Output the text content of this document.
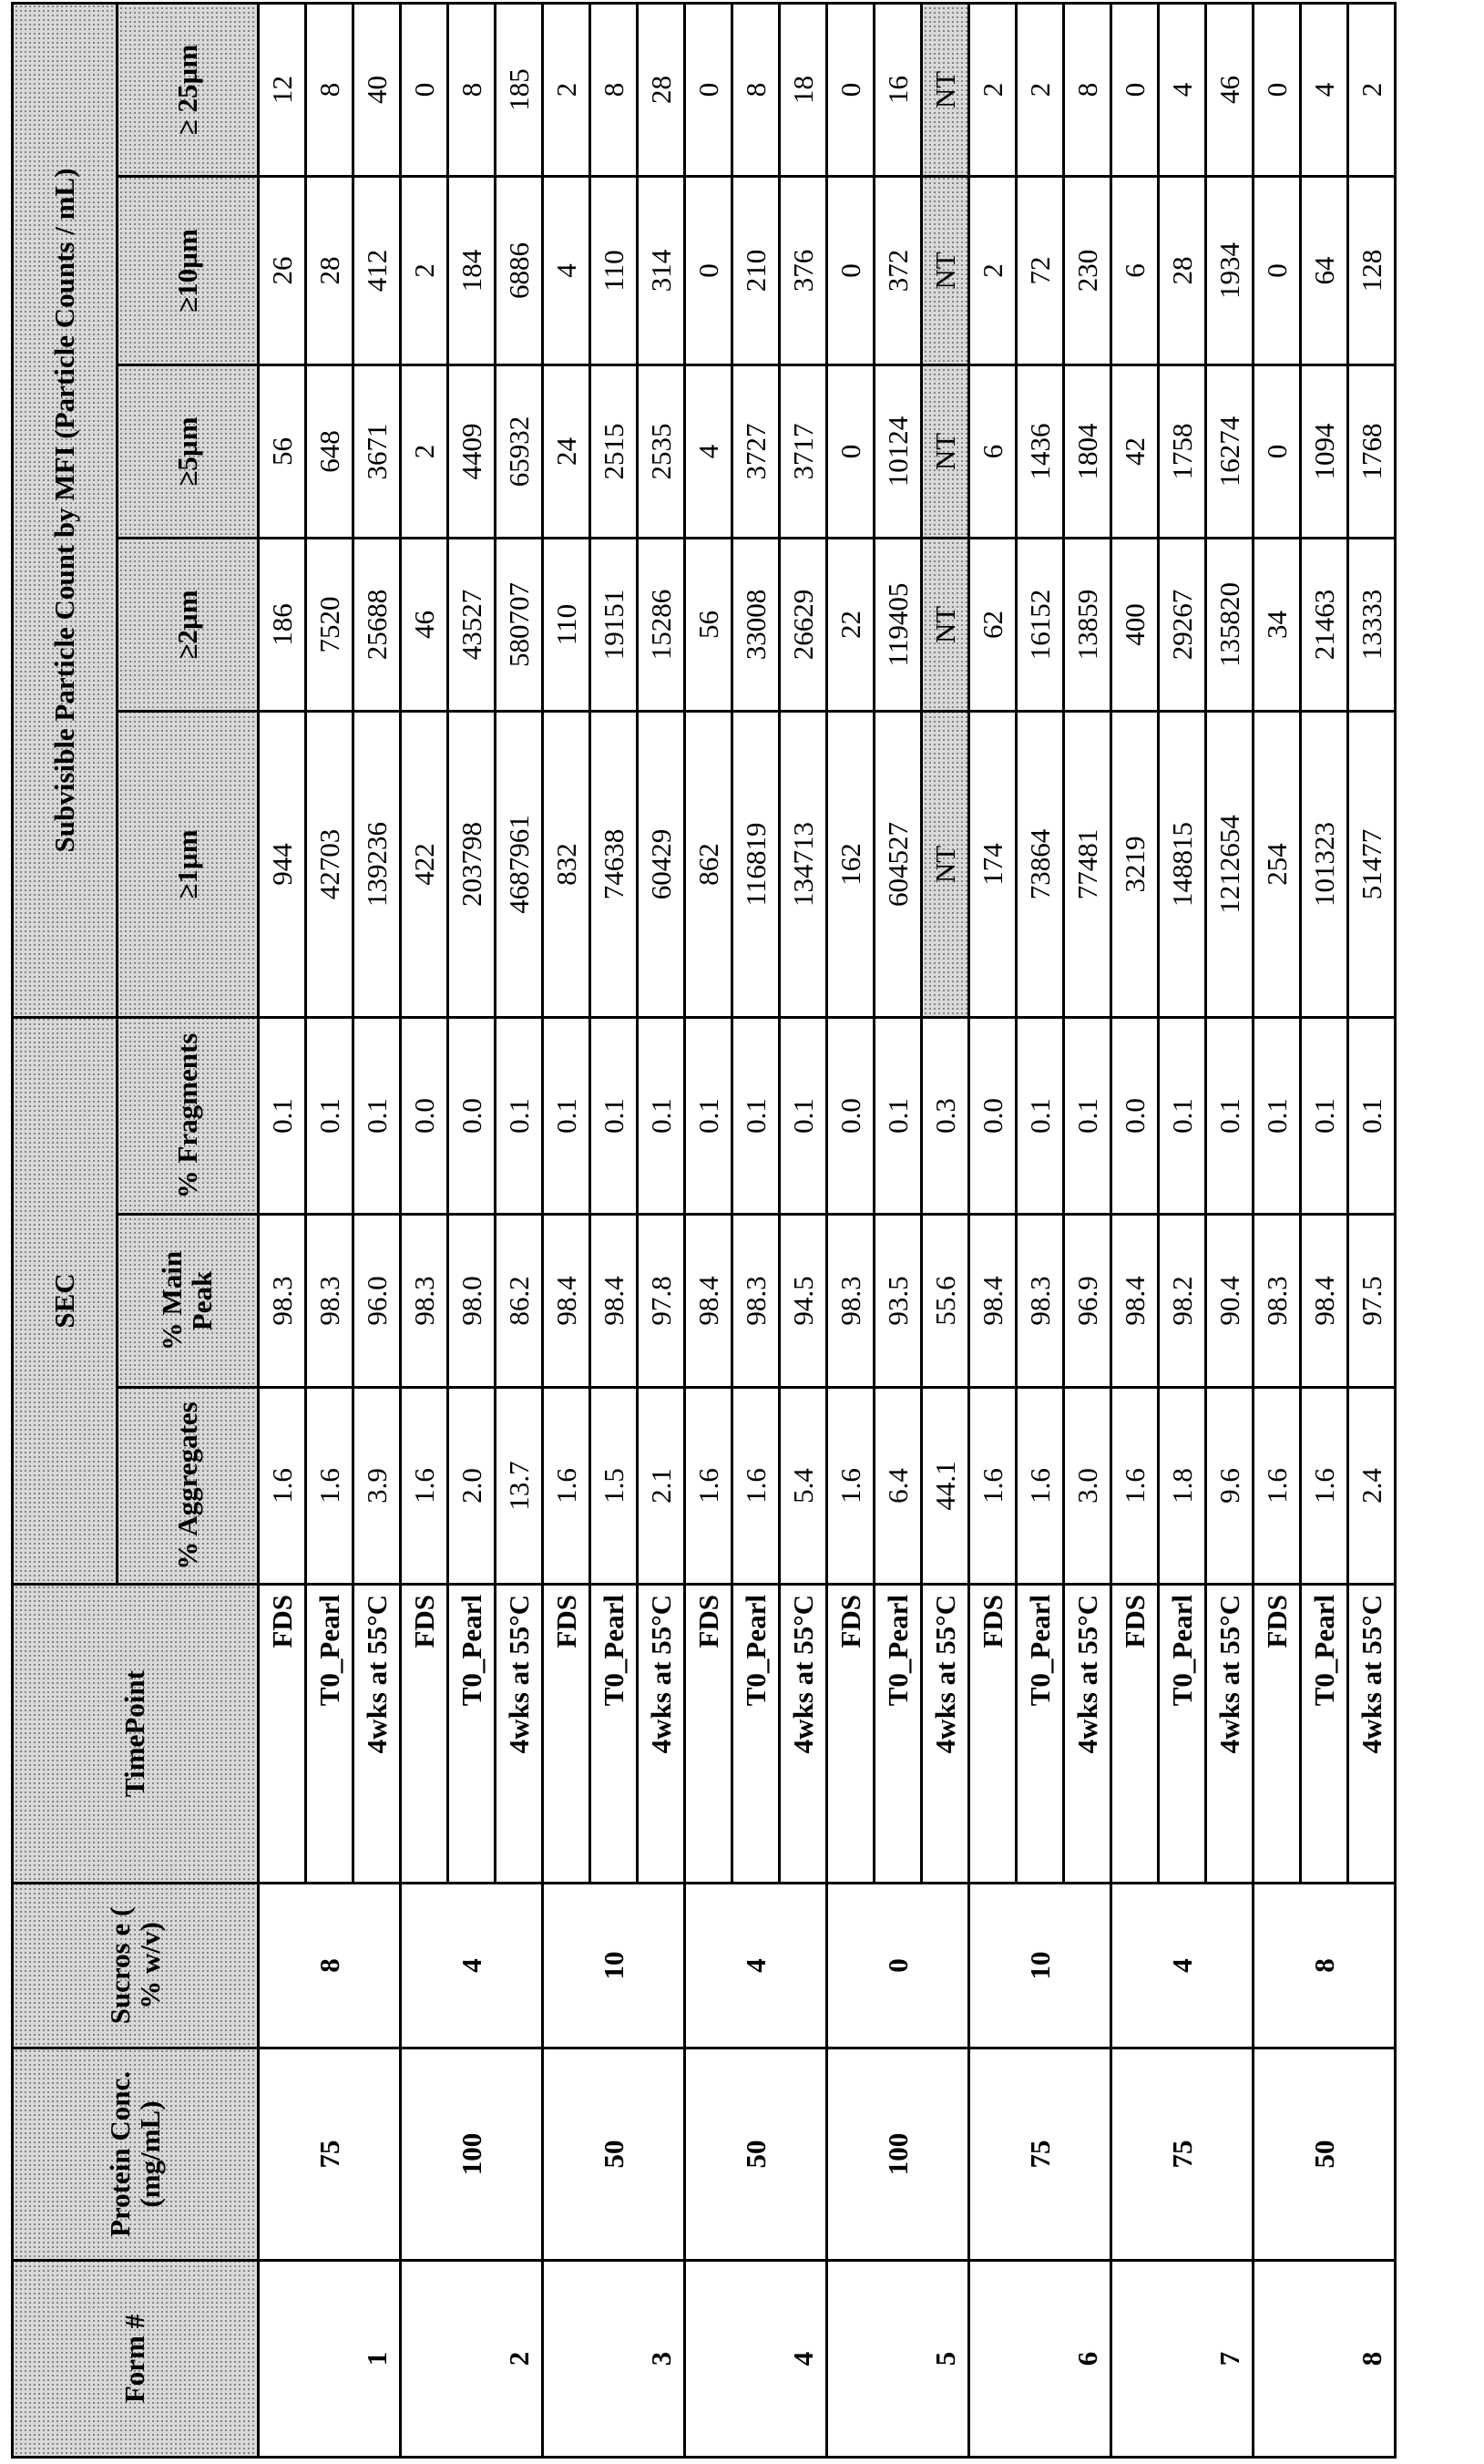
Form #	Protein Conc. (mg/mL)	Sucros e ( % w/v)	TimePoint	SEC	Subvisible Particle Count by MFI (Particle Counts / mL)
% Aggregates	% Main Peak	% Fragments	≥1µm	≥2µm	≥5µm	≥10µm	≥ 25µm
1	75	8	FDS	1.6	98.3	0.1	944	186	56	26	12
T0_Pearl	1.6	98.3	0.1	42703	7520	648	28	8
4wks at 55°C	3.9	96.0	0.1	139236	25688	3671	412	40
2	100	4	FDS	1.6	98.3	0.0	422	46	2	2	0
T0_Pearl	2.0	98.0	0.0	203798	43527	4409	184	8
4wks at 55°C	13.7	86.2	0.1	4687961	580707	65932	6886	185
3	50	10	FDS	1.6	98.4	0.1	832	110	24	4	2
T0_Pearl	1.5	98.4	0.1	74638	19151	2515	110	8
4wks at 55°C	2.1	97.8	0.1	60429	15286	2535	314	28
4	50	4	FDS	1.6	98.4	0.1	862	56	4	0	0
T0_Pearl	1.6	98.3	0.1	116819	33008	3727	210	8
4wks at 55°C	5.4	94.5	0.1	134713	26629	3717	376	18
5	100	0	FDS	1.6	98.3	0.0	162	22	0	0	0
T0_Pearl	6.4	93.5	0.1	604527	119405	10124	372	16
4wks at 55°C	44.1	55.6	0.3	NT	NT	NT	NT	NT
6	75	10	FDS	1.6	98.4	0.0	174	62	6	2	2
T0_Pearl	1.6	98.3	0.1	73864	16152	1436	72	2
4wks at 55°C	3.0	96.9	0.1	77481	13859	1804	230	8
7	75	4	FDS	1.6	98.4	0.0	3219	400	42	6	0
T0_Pearl	1.8	98.2	0.1	148815	29267	1758	28	4
4wks at 55°C	9.6	90.4	0.1	1212654	135820	16274	1934	46
8	50	8	FDS	1.6	98.3	0.1	254	34	0	0	0
T0_Pearl	1.6	98.4	0.1	101323	21463	1094	64	4
4wks at 55°C	2.4	97.5	0.1	51477	13333	1768	128	2
